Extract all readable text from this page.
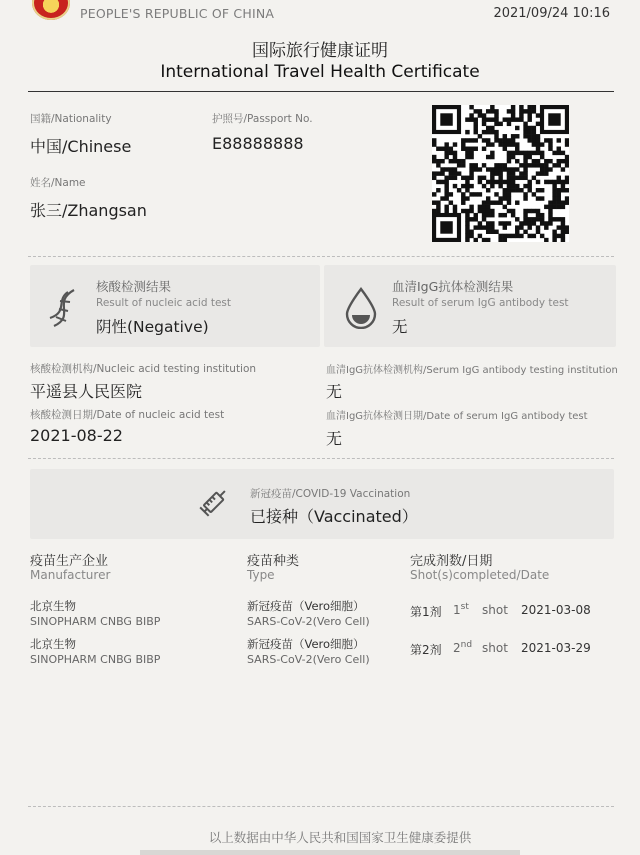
PEOPLE'S REPUBLIC OF CHINA	2021/09/24 10:16
国际旅行健康证明
International Travel Health Certificate
国籍/Nationality
中国/Chinese
护照号/Passport No.
E88888888
姓名/Name
张三/Zhangsan
核酸检测结果
Result of nucleic acid test
阴性(Negative)
血清IgG抗体检测结果
Result of serum IgG antibody test
无
核酸检测机构/Nucleic acid testing institution
平遥县人民医院
血清IgG抗体检测机构/Serum IgG antibody testing institution
无
核酸检测日期/Date of nucleic acid test
2021-08-22
血清IgG抗体检测日期/Date of serum IgG antibody test
无
新冠疫苗/COVID-19 Vaccination
已接种（Vaccinated）
疫苗生产企业
Manufacturer
疫苗种类
Type
完成剂数/日期
Shot(s)completed/Date
北京生物
SINOPHARM CNBG BIBP
新冠疫苗（Vero细胞）
SARS-CoV-2(Vero Cell)
第1剂 1st shot 2021-03-08
北京生物
SINOPHARM CNBG BIBP
新冠疫苗（Vero细胞）
SARS-CoV-2(Vero Cell)
第2剂 2nd shot 2021-03-29
以上数据由中华人民共和国国家卫生健康委提供
